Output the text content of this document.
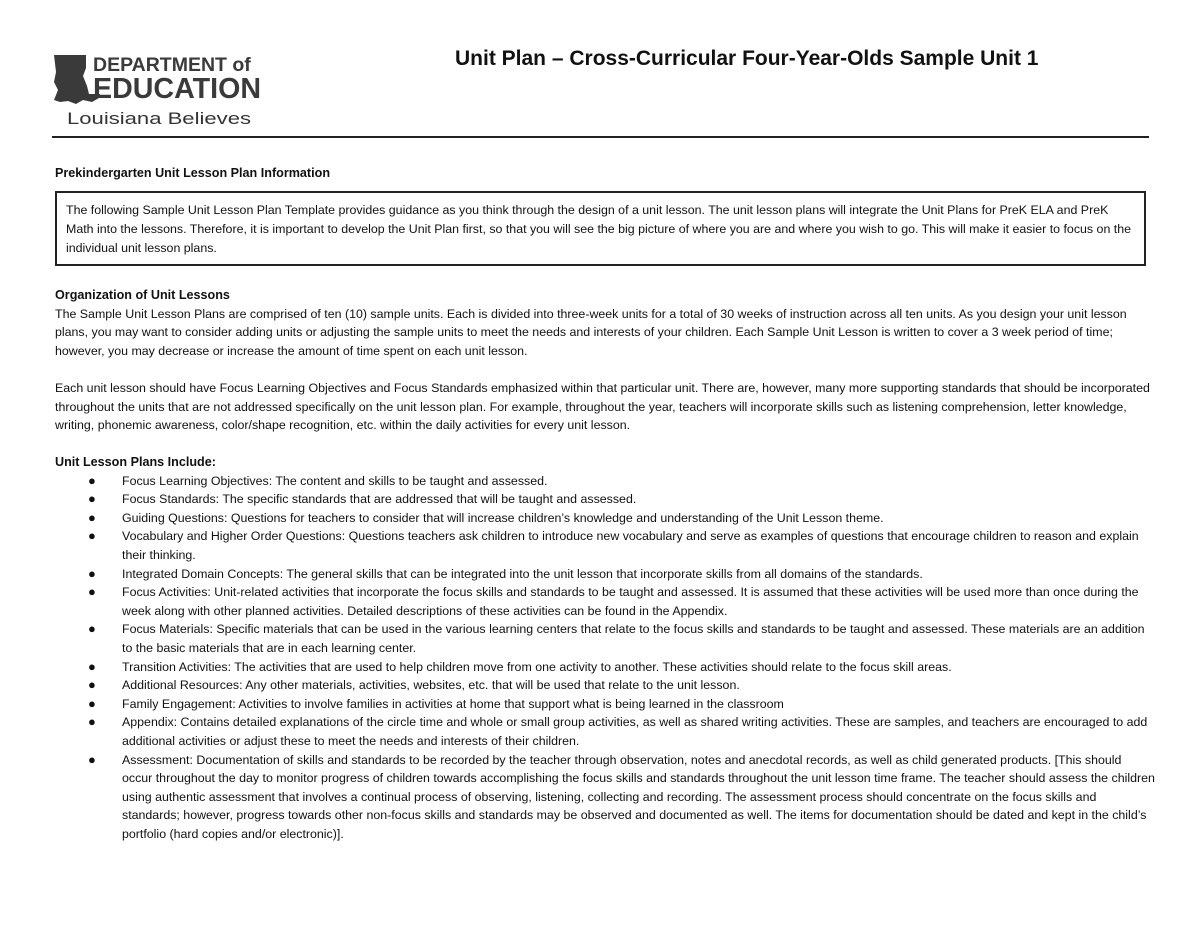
DEPARTMENT of
EDUCATION
Louisiana Believes
Unit Plan – Cross-Curricular Four-Year-Olds Sample Unit 1
Prekindergarten Unit Lesson Plan Information

The following Sample Unit Lesson Plan Template provides guidance as you think through the design of a unit lesson. The unit lesson plans will integrate the Unit Plans for PreK ELA and PreK Math into the lessons. Therefore, it is important to develop the Unit Plan first, so that you will see the big picture of where you are and where you wish to go. This will make it easier to focus on the individual unit lesson plans.

Organization of Unit Lessons

The Sample Unit Lesson Plans are comprised of ten (10) sample units. Each is divided into three-week units for a total of 30 weeks of instruction across all ten units. As you design your unit lesson plans, you may want to consider adding units or adjusting the sample units to meet the needs and interests of your children. Each Sample Unit Lesson is written to cover a 3 week period of time; however, you may decrease or increase the amount of time spent on each unit lesson.

Each unit lesson should have Focus Learning Objectives and Focus Standards emphasized within that particular unit. There are, however, many more supporting standards that should be incorporated throughout the units that are not addressed specifically on the unit lesson plan. For example, throughout the year, teachers will incorporate skills such as listening comprehension, letter knowledge, writing, phonemic awareness, color/shape recognition, etc. within the daily activities for every unit lesson.

Unit Lesson Plans Include:
● Focus Learning Objectives: The content and skills to be taught and assessed.
● Focus Standards: The specific standards that are addressed that will be taught and assessed.
● Guiding Questions: Questions for teachers to consider that will increase children’s knowledge and understanding of the Unit Lesson theme.
● Vocabulary and Higher Order Questions: Questions teachers ask children to introduce new vocabulary and serve as examples of questions that encourage children to reason and explain their thinking.
● Integrated Domain Concepts: The general skills that can be integrated into the unit lesson that incorporate skills from all domains of the standards.
● Focus Activities: Unit-related activities that incorporate the focus skills and standards to be taught and assessed. It is assumed that these activities will be used more than once during the week along with other planned activities. Detailed descriptions of these activities can be found in the Appendix.
● Focus Materials: Specific materials that can be used in the various learning centers that relate to the focus skills and standards to be taught and assessed. These materials are an addition to the basic materials that are in each learning center.
● Transition Activities: The activities that are used to help children move from one activity to another. These activities should relate to the focus skill areas.
● Additional Resources: Any other materials, activities, websites, etc. that will be used that relate to the unit lesson.
● Family Engagement: Activities to involve families in activities at home that support what is being learned in the classroom
● Appendix: Contains detailed explanations of the circle time and whole or small group activities, as well as shared writing activities. These are samples, and teachers are encouraged to add additional activities or adjust these to meet the needs and interests of their children.
● Assessment: Documentation of skills and standards to be recorded by the teacher through observation, notes and anecdotal records, as well as child generated products. [This should occur throughout the day to monitor progress of children towards accomplishing the focus skills and standards throughout the unit lesson time frame. The teacher should assess the children using authentic assessment that involves a continual process of observing, listening, collecting and recording. The assessment process should concentrate on the focus skills and standards; however, progress towards other non-focus skills and standards may be observed and documented as well. The items for documentation should be dated and kept in the child’s portfolio (hard copies and/or electronic)].
